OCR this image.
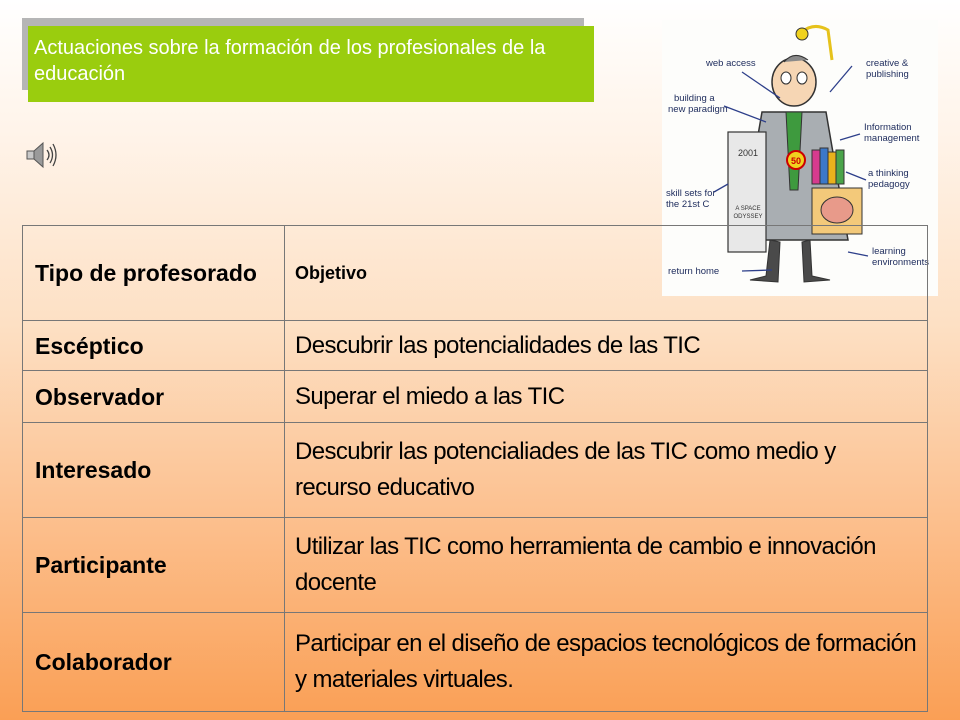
Actuaciones sobre la formación de los profesionales de la educación
50
2001
A SPACE
ODYSSEY
web access	creative &
publishing
building a
new paradigm
Information
management
a thinking
pedagogy
skill sets for
the 21st C
return home
learning
environments
Tipo de profesorado	Objetivo
Escéptico	Descubrir las potencialidades de las TIC
Observador	Superar el miedo a las TIC
Interesado	Descubrir las potencialiades de las TIC como medio y recurso educativo
Participante	Utilizar las TIC como herramienta de cambio e innovación docente
Colaborador	Participar en el diseño de espacios tecnológicos de formación y materiales virtuales.
